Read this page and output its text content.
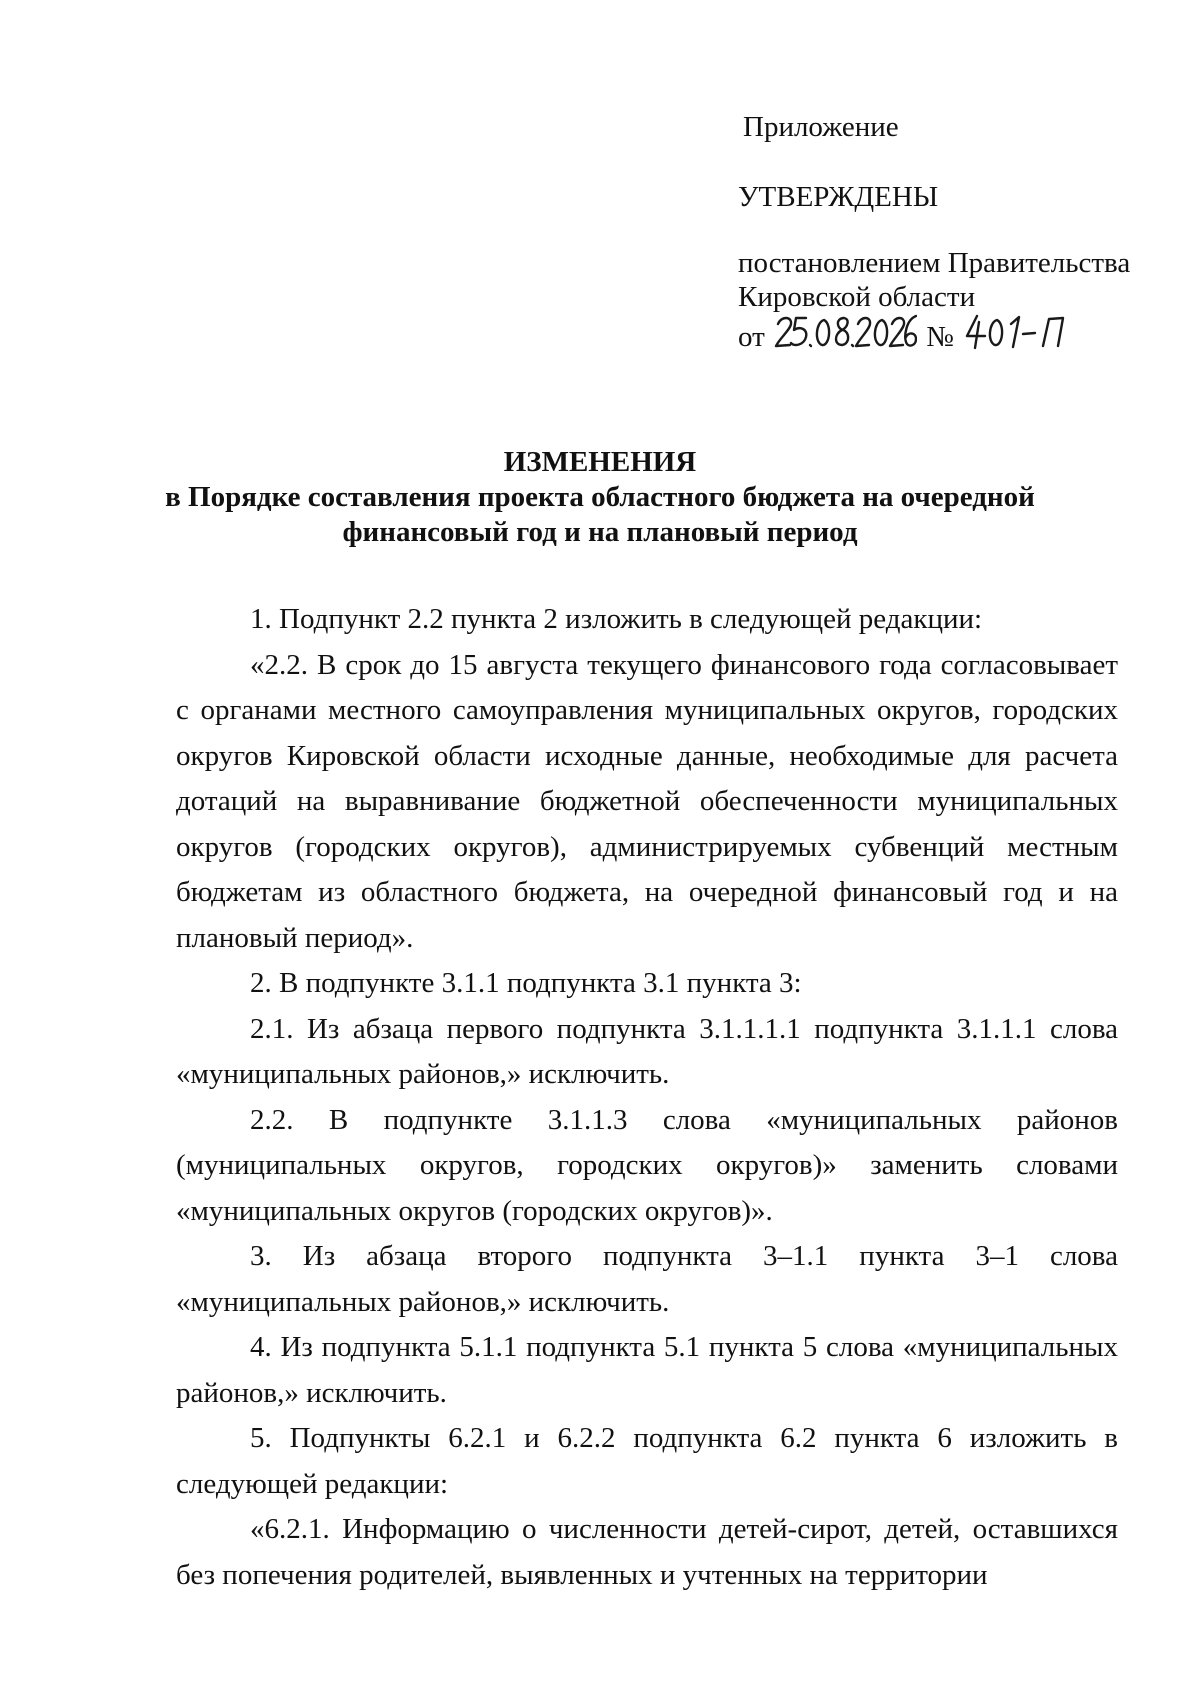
Приложение
УТВЕРЖДЕНЫ
постановлением Правительства
Кировской области
от	№
ИЗМЕНЕНИЯ
в Порядке составления проекта областного бюджета на очередной
финансовый год и на плановый период

1. Подпункт 2.2 пункта 2 изложить в следующей редакции:

«2.2. В срок до 15 августа текущего финансового года согласовывает с органами местного самоуправления муниципальных округов, городских округов Кировской области исходные данные, необходимые для расчета дотаций на выравнивание бюджетной обеспеченности муниципальных округов (городских округов), администрируемых субвенций местным бюджетам из областного бюджета, на очередной финансовый год и на плановый период».

2. В подпункте 3.1.1 подпункта 3.1 пункта 3:

2.1. Из абзаца первого подпункта 3.1.1.1.1 подпункта 3.1.1.1 слова «муниципальных районов,» исключить.

2.2. В подпункте 3.1.1.3 слова «муниципальных районов (муниципальных округов, городских округов)» заменить словами «муниципальных округов (городских округов)».

3. Из абзаца второго подпункта 3–1.1 пункта 3–1 слова «муниципальных районов,» исключить.

4. Из подпункта 5.1.1 подпункта 5.1 пункта 5 слова «муниципальных районов,» исключить.

5. Подпункты 6.2.1 и 6.2.2 подпункта 6.2 пункта 6 изложить в следующей редакции:

«6.2.1. Информацию о численности детей-сирот, детей, оставшихся без попечения родителей, выявленных и учтенных на территории
